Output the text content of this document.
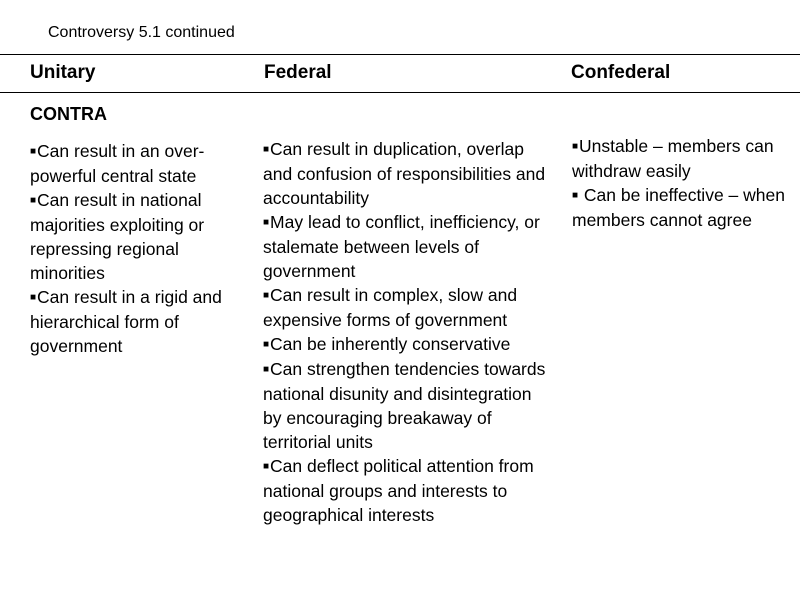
Controversy 5.1 continued
Unitary	Federal	Confederal
CONTRA
■Can result in an over-powerful central state
■Can result in national majorities exploiting or repressing regional minorities
■Can result in a rigid and hierarchical form of government
■Can result in duplication, overlap and confusion of responsibilities and accountability
■May lead to conflict, inefficiency, or stalemate between levels of government
■Can result in complex, slow and expensive forms of government
■Can be inherently conservative
■Can strengthen tendencies towards national disunity and disintegration by encouraging breakaway of territorial units
■Can deflect political attention from national groups and interests to geographical interests
■Unstable – members can withdraw easily
■ Can be ineffective – when members cannot agree
